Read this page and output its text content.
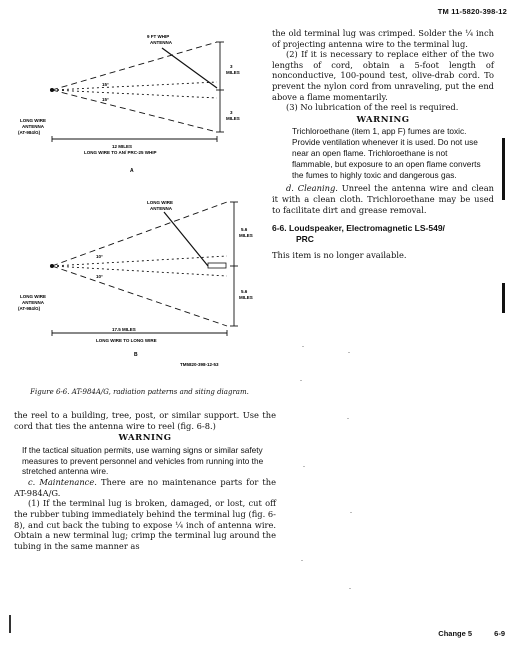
TM 11-5820-398-12
9 FT WHIP
ANTENNA
15°
15°
3
MILES
3
MILES
LONG WIRE
ANTENNA
(AT-984/G)
12 MILES
LONG WIRE TO AN/ PRC-25 WHIP
A
LONG WIRE
ANTENNA
10°
10°
5.6
MILES
5.6
MILES
LONG WIRE
ANTENNA
(AT-984/G)
17.5 MILES
LONG WIRE TO LONG WIRE
B
TM5820-398-12-53
Figure 6-6. AT-984A/G, radiation patterns and siting diagram.

the reel to a building, tree, post, or similar support. Use the cord that ties the antenna wire to reel (fig. 6-8.)

WARNING
If the tactical situation permits, use warning signs or similar safety measures to prevent personnel and vehicles from running into the stretched antenna wire.

c. Maintenance. There are no maintenance parts for the AT-984A/G.

(1) If the terminal lug is broken, damaged, or lost, cut off the rubber tubing immediately behind the terminal lug (fig. 6-8), and cut back the tubing to expose ¼ inch of antenna wire. Obtain a new terminal lug; crimp the terminal lug around the tubing in the same manner as

the old terminal lug was crimped. Solder the ¼ inch of projecting antenna wire to the terminal lug.

(2) If it is necessary to replace either of the two lengths of cord, obtain a 5-foot length of nonconductive, 100-pound test, olive-drab cord. To prevent the nylon cord from unraveling, put the end above a flame momentarily.

(3) No lubrication of the reel is required.

WARNING
Trichloroethane (item 1, app F) fumes are toxic. Provide ventilation whenever it is used. Do not use near an open flame. Trichloroethane is not flammable, but exposure to an open flame converts the fumes to highly toxic and dangerous gas.

d. Cleaning. Unreel the antenna wire and clean it with a clean cloth. Trichloroethane may be used to facilitate dirt and grease removal.

6-6. Loudspeaker, Electromagnetic LS-549/
PRC

This item is no longer available.

Change 5	6-9
